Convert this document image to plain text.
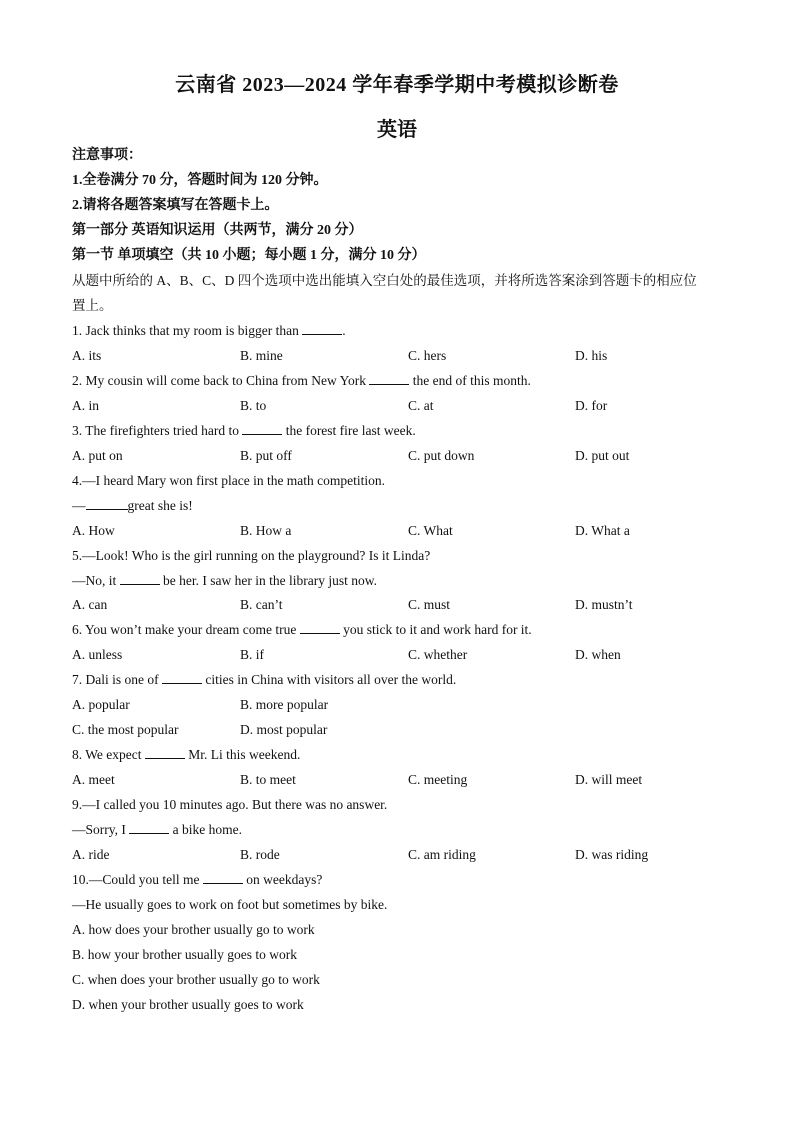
云南省 2023—2024 学年春季学期中考模拟诊断卷
英语
注意事项：
1.全卷满分 70 分，答题时间为 120 分钟。
2.请将各题答案填写在答题卡上。
第一部分 英语知识运用（共两节，满分 20 分）
第一节 单项填空（共 10 小题；每小题 1 分，满分 10 分）
从题中所给的 A、B、C、D 四个选项中选出能填入空白处的最佳选项，并将所选答案涂到答题卡的相应位
置上。
1. Jack thinks that my room is bigger than	.
A. its	B. mine	C. hers	D. his
2. My cousin will come back to China from New York	the end of this month.
A. in	B. to	C. at	D. for
3. The firefighters tried hard to	the forest fire last week.
A. put on	B. put off	C. put down	D. put out
4.—I heard Mary won first place in the math competition.
—	great she is!
A. How	B. How a	C. What	D. What a
5.—Look! Who is the girl running on the playground? Is it Linda?
—No, it	be her. I saw her in the library just now.
A. can	B. can’t	C. must	D. mustn’t
6. You won’t make your dream come true	you stick to it and work hard for it.
A. unless	B. if	C. whether	D. when
7. Dali is one of	cities in China with visitors all over the world.
A. popular	B. more popular
C. the most popular	D. most popular
8. We expect	Mr. Li this weekend.
A. meet	B. to meet	C. meeting	D. will meet
9.—I called you 10 minutes ago. But there was no answer.
—Sorry, I	a bike home.
A. ride	B. rode	C. am riding	D. was riding
10.—Could you tell me	on weekdays?
—He usually goes to work on foot but sometimes by bike.
A. how does your brother usually go to work
B. how your brother usually goes to work
C. when does your brother usually go to work
D. when your brother usually goes to work
